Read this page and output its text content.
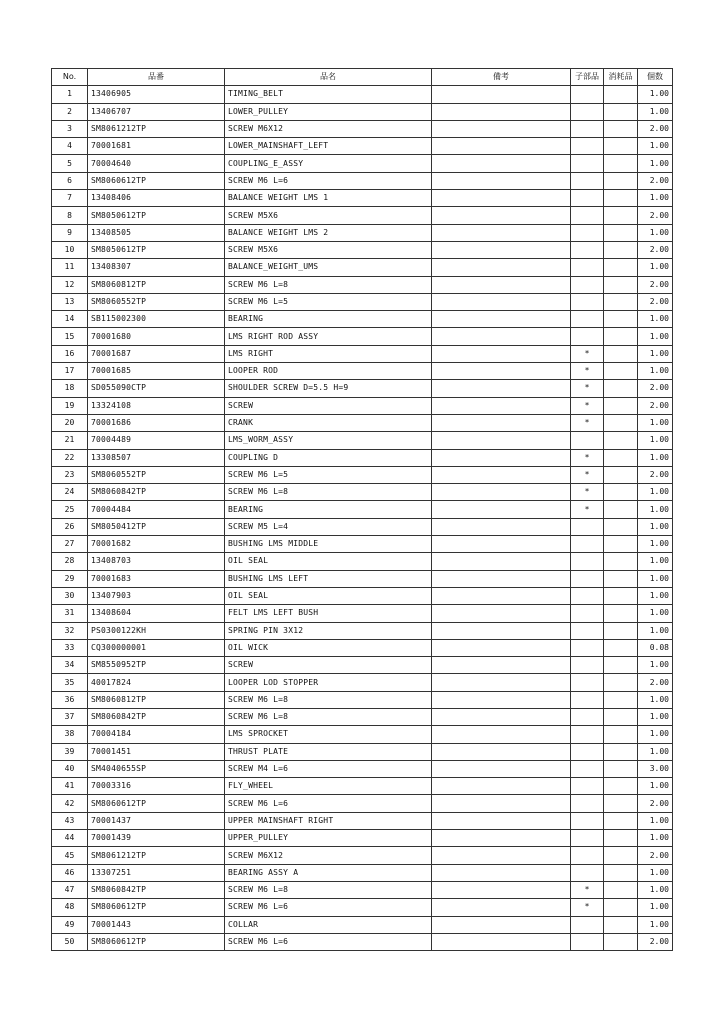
No.	品番	品名	備考	子部品	消耗品	個数
1	13406905	TIMING_BELT				1.00
2	13406707	LOWER_PULLEY				1.00
3	SM8061212TP	SCREW M6X12				2.00
4	70001681	LOWER_MAINSHAFT_LEFT				1.00
5	70004640	COUPLING_E_ASSY				1.00
6	SM8060612TP	SCREW M6 L=6				2.00
7	13408406	BALANCE WEIGHT LMS 1				1.00
8	SM8050612TP	SCREW M5X6				2.00
9	13408505	BALANCE WEIGHT LMS 2				1.00
10	SM8050612TP	SCREW M5X6				2.00
11	13408307	BALANCE_WEIGHT_UMS				1.00
12	SM8060812TP	SCREW M6 L=8				2.00
13	SM8060552TP	SCREW M6 L=5				2.00
14	SB115002300	BEARING				1.00
15	70001680	LMS RIGHT ROD ASSY				1.00
16	70001687	LMS RIGHT		*		1.00
17	70001685	LOOPER ROD		*		1.00
18	SD055090CTP	SHOULDER SCREW D=5.5 H=9		*		2.00
19	13324108	SCREW		*		2.00
20	70001686	CRANK		*		1.00
21	70004489	LMS_WORM_ASSY				1.00
22	13308507	COUPLING D		*		1.00
23	SM8060552TP	SCREW M6 L=5		*		2.00
24	SM8060842TP	SCREW M6 L=8		*		1.00
25	70004484	BEARING		*		1.00
26	SM8050412TP	SCREW M5 L=4				1.00
27	70001682	BUSHING LMS MIDDLE				1.00
28	13408703	OIL SEAL				1.00
29	70001683	BUSHING LMS LEFT				1.00
30	13407903	OIL SEAL				1.00
31	13408604	FELT LMS LEFT BUSH				1.00
32	PS0300122KH	SPRING PIN 3X12				1.00
33	CQ300000001	OIL WICK				0.08
34	SM8550952TP	SCREW				1.00
35	40017824	LOOPER LOD STOPPER				2.00
36	SM8060812TP	SCREW M6 L=8				1.00
37	SM8060842TP	SCREW M6 L=8				1.00
38	70004184	LMS SPROCKET				1.00
39	70001451	THRUST PLATE				1.00
40	SM4040655SP	SCREW M4 L=6				3.00
41	70003316	FLY_WHEEL				1.00
42	SM8060612TP	SCREW M6 L=6				2.00
43	70001437	UPPER MAINSHAFT RIGHT				1.00
44	70001439	UPPER_PULLEY				1.00
45	SM8061212TP	SCREW M6X12				2.00
46	13307251	BEARING ASSY A				1.00
47	SM8060842TP	SCREW M6 L=8		*		1.00
48	SM8060612TP	SCREW M6 L=6		*		1.00
49	70001443	COLLAR				1.00
50	SM8060612TP	SCREW M6 L=6				2.00
